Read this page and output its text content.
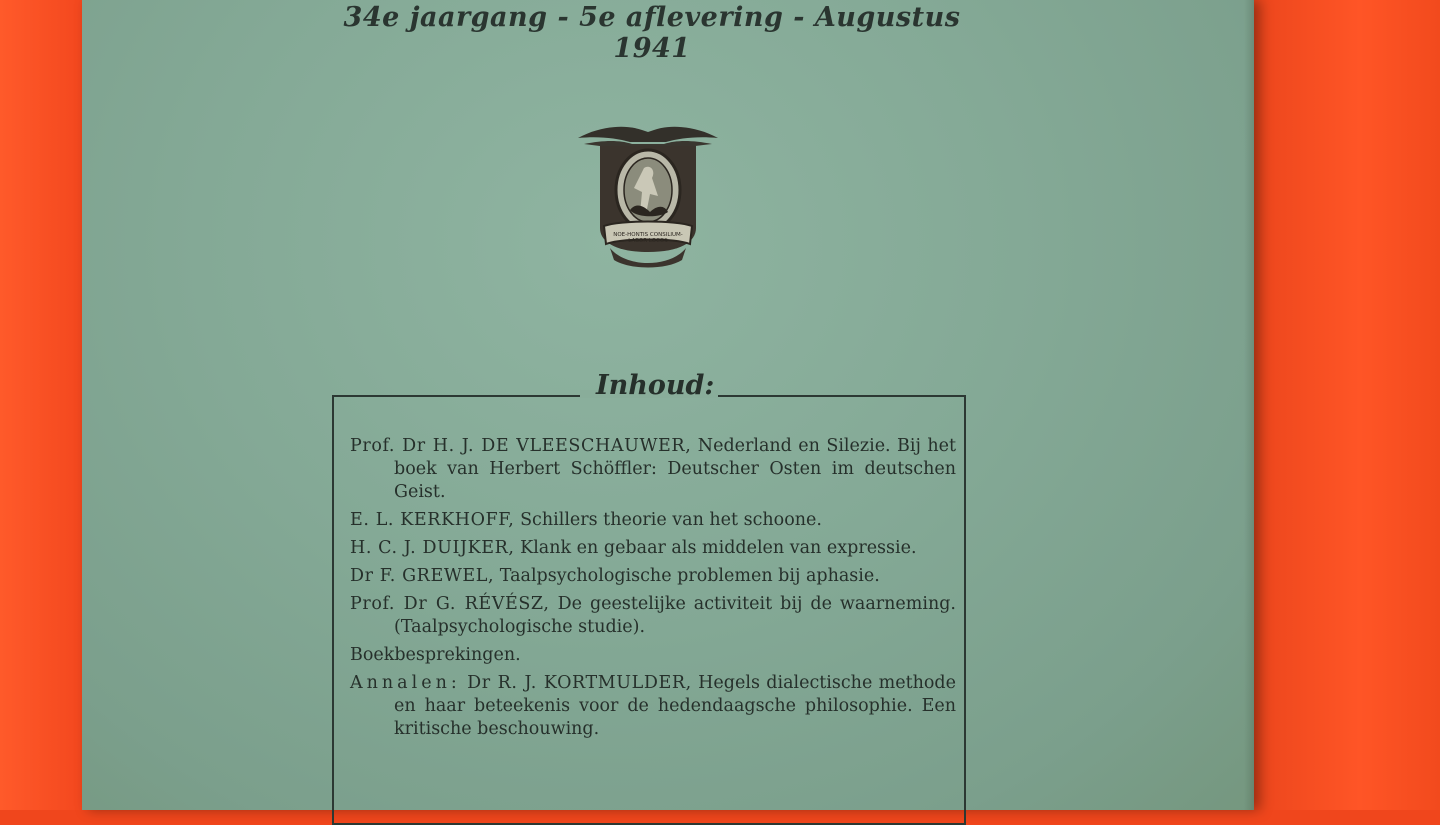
34e jaargang - 5e aflevering - Augustus 1941
NOE-HONTIS CONSILIUM-
LABOR LOCOS
Inhoud:

Prof. Dr H. J. DE VLEESCHAUWER, Nederland en Silezie. Bij het boek van Herbert Schöffler: Deutscher Osten im deutschen Geist.

E. L. KERKHOFF, Schillers theorie van het schoone.

H. C. J. DUIJKER, Klank en gebaar als middelen van expressie.

Dr F. GREWEL, Taalpsychologische problemen bij aphasie.

Prof. Dr G. RÉVÉSZ, De geestelijke activiteit bij de waarneming. (Taalpsychologische studie).

Boekbesprekingen.

Annalen: Dr R. J. KORTMULDER, Hegels dialectische methode en haar beteekenis voor de hedendaagsche philosophie. Een kritische beschouwing.
